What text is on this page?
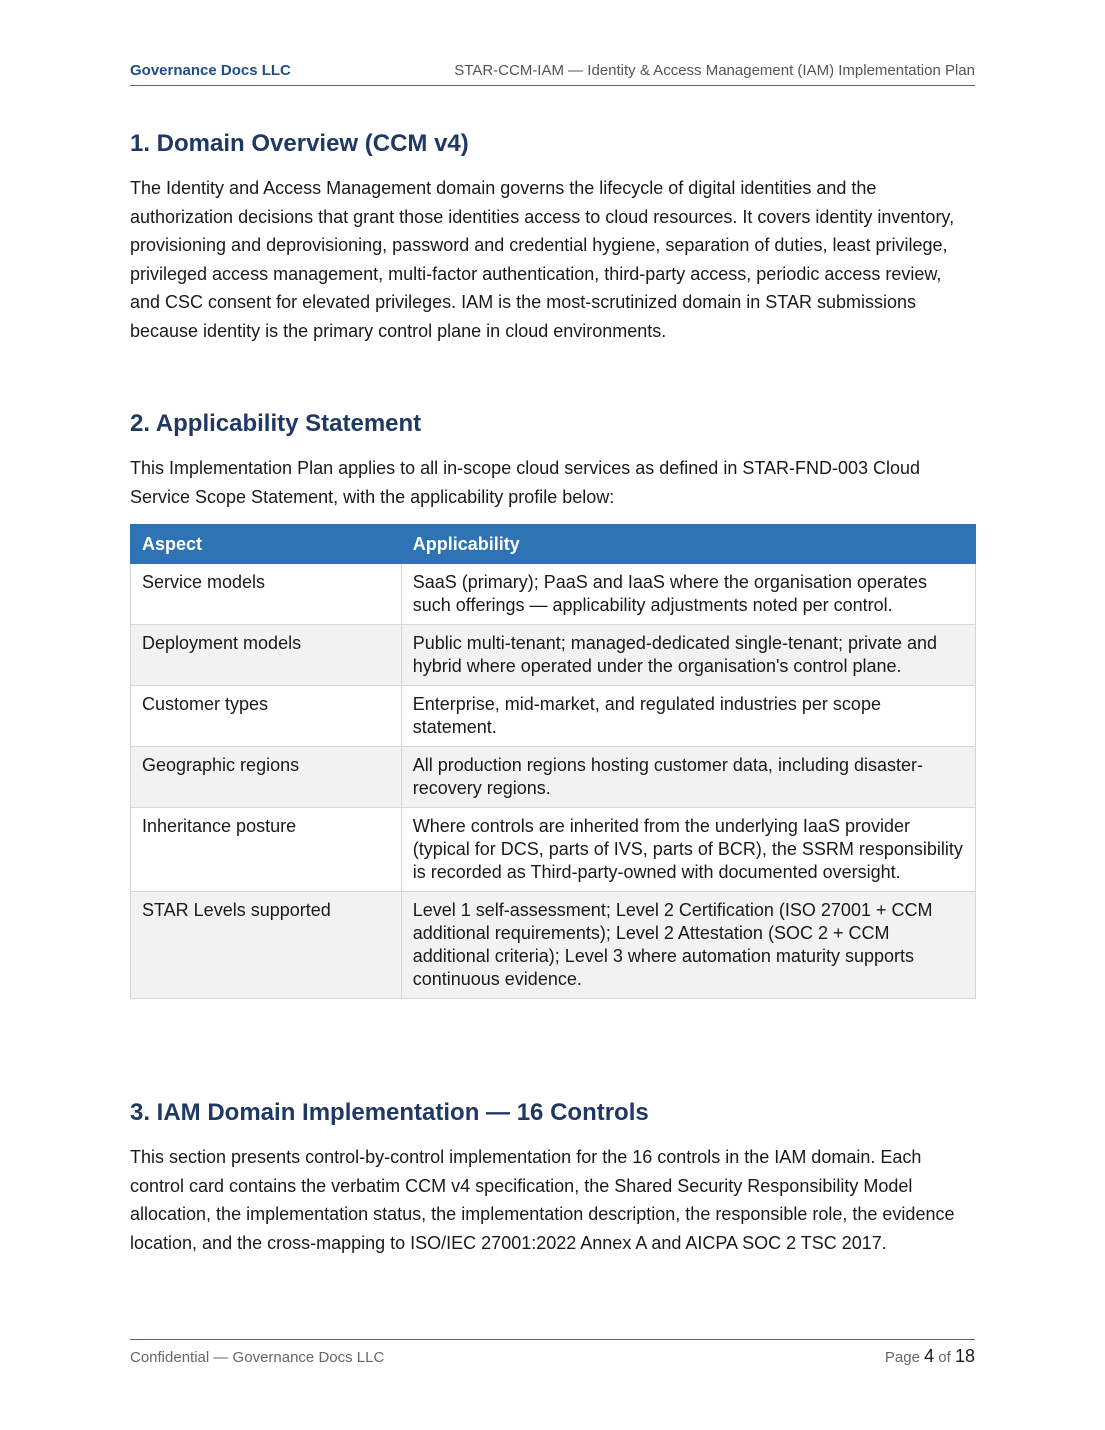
Governance Docs LLC	STAR-CCM-IAM — Identity & Access Management (IAM) Implementation Plan
1. Domain Overview (CCM v4)

The Identity and Access Management domain governs the lifecycle of digital identities and the authorization decisions that grant those identities access to cloud resources. It covers identity inventory, provisioning and deprovisioning, password and credential hygiene, separation of duties, least privilege, privileged access management, multi-factor authentication, third-party access, periodic access review, and CSC consent for elevated privileges. IAM is the most-scrutinized domain in STAR submissions because identity is the primary control plane in cloud environments.

2. Applicability Statement

This Implementation Plan applies to all in-scope cloud services as defined in STAR-FND-003 Cloud Service Scope Statement, with the applicability profile below:

Aspect	Applicability
Service models	SaaS (primary); PaaS and IaaS where the organisation operates such offerings — applicability adjustments noted per control.
Deployment models	Public multi-tenant; managed-dedicated single-tenant; private and hybrid where operated under the organisation's control plane.
Customer types	Enterprise, mid-market, and regulated industries per scope statement.
Geographic regions	All production regions hosting customer data, including disaster-recovery regions.
Inheritance posture	Where controls are inherited from the underlying IaaS provider (typical for DCS, parts of IVS, parts of BCR), the SSRM responsibility is recorded as Third-party-owned with documented oversight.
STAR Levels supported	Level 1 self-assessment; Level 2 Certification (ISO 27001 + CCM additional requirements); Level 2 Attestation (SOC 2 + CCM additional criteria); Level 3 where automation maturity supports continuous evidence.
3. IAM Domain Implementation — 16 Controls

This section presents control-by-control implementation for the 16 controls in the IAM domain. Each control card contains the verbatim CCM v4 specification, the Shared Security Responsibility Model allocation, the implementation status, the implementation description, the responsible role, the evidence location, and the cross-mapping to ISO/IEC 27001:2022 Annex A and AICPA SOC 2 TSC 2017.

Confidential — Governance Docs LLC	Page 4 of 18
